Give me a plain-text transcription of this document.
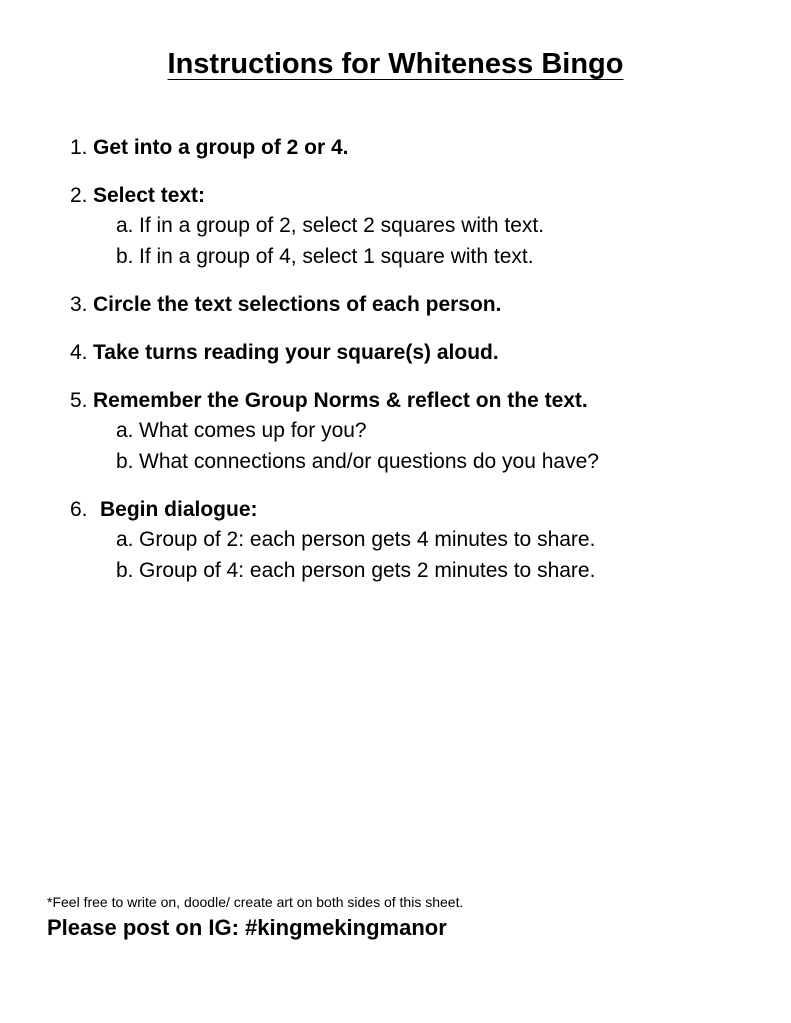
Instructions for Whiteness Bingo
1. Get into a group of 2 or 4.
2. Select text:
a. If in a group of 2, select 2 squares with text.
b. If in a group of 4, select 1 square with text.
3. Circle the text selections of each person.
4. Take turns reading your square(s) aloud.
5. Remember the Group Norms & reflect on the text.
a. What comes up for you?
b. What connections and/or questions do you have?
6. Begin dialogue:
a. Group of 2: each person gets 4 minutes to share.
b. Group of 4: each person gets 2 minutes to share.
*Feel free to write on, doodle/ create art on both sides of this sheet.
Please post on IG: #kingmekingmanor
